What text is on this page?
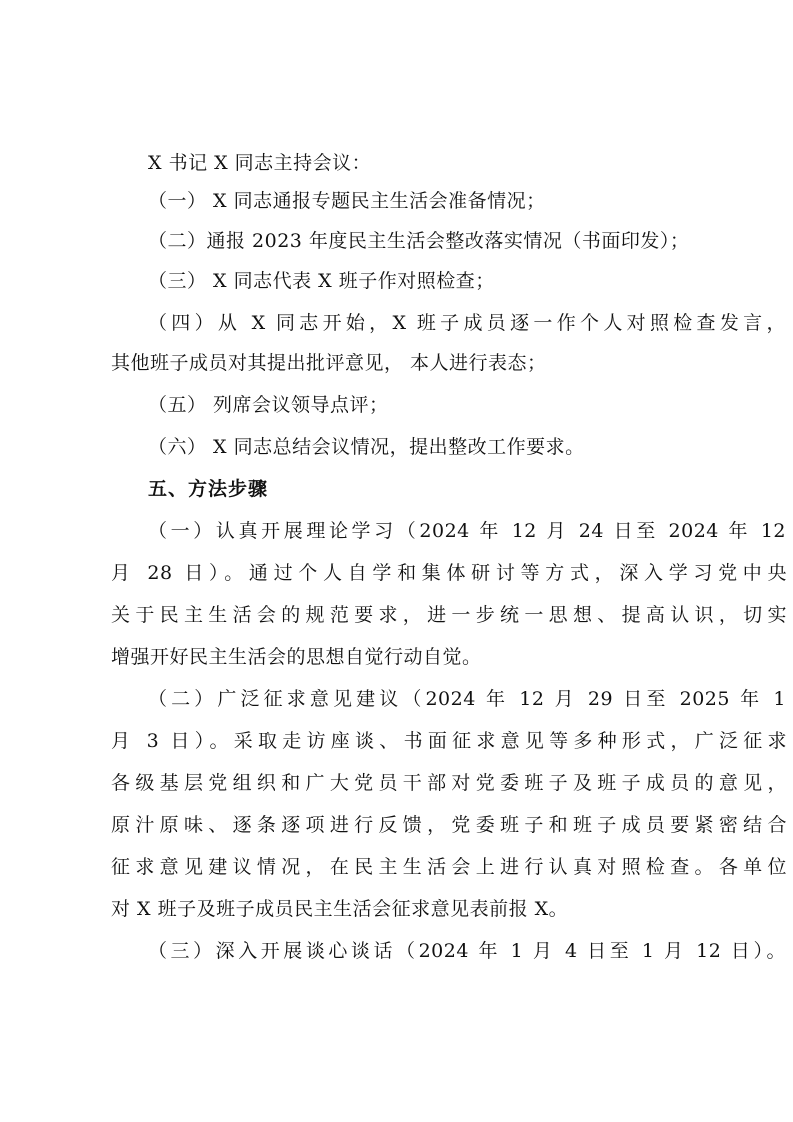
X 书记 X 同志主持会议：
（一） X 同志通报专题民主生活会准备情况；
（二）通报 2023 年度民主生活会整改落实情况（书面印发）；
（三） X 同志代表 X 班子作对照检查；
（四）从 X 同志开始，X 班子成员逐一作个人对照检查发言，
其他班子成员对其提出批评意见， 本人进行表态；
（五） 列席会议领导点评；
（六） X 同志总结会议情况，提出整改工作要求。
五、方法步骤
（一）认真开展理论学习（2024 年 12 月 24 日至 2024 年 12
月 28 日）。通过个人自学和集体研讨等方式，深入学习党中央
关于民主生活会的规范要求，进一步统一思想、提高认识，切实
增强开好民主生活会的思想自觉行动自觉。
（二）广泛征求意见建议（2024 年 12 月 29 日至 2025 年 1
月 3 日）。采取走访座谈、书面征求意见等多种形式，广泛征求
各级基层党组织和广大党员干部对党委班子及班子成员的意见，
原汁原味、逐条逐项进行反馈，党委班子和班子成员要紧密结合
征求意见建议情况，在民主生活会上进行认真对照检查。各单位
对 X 班子及班子成员民主生活会征求意见表前报 X。
（三）深入开展谈心谈话（2024 年 1 月 4 日至 1 月 12 日）。
